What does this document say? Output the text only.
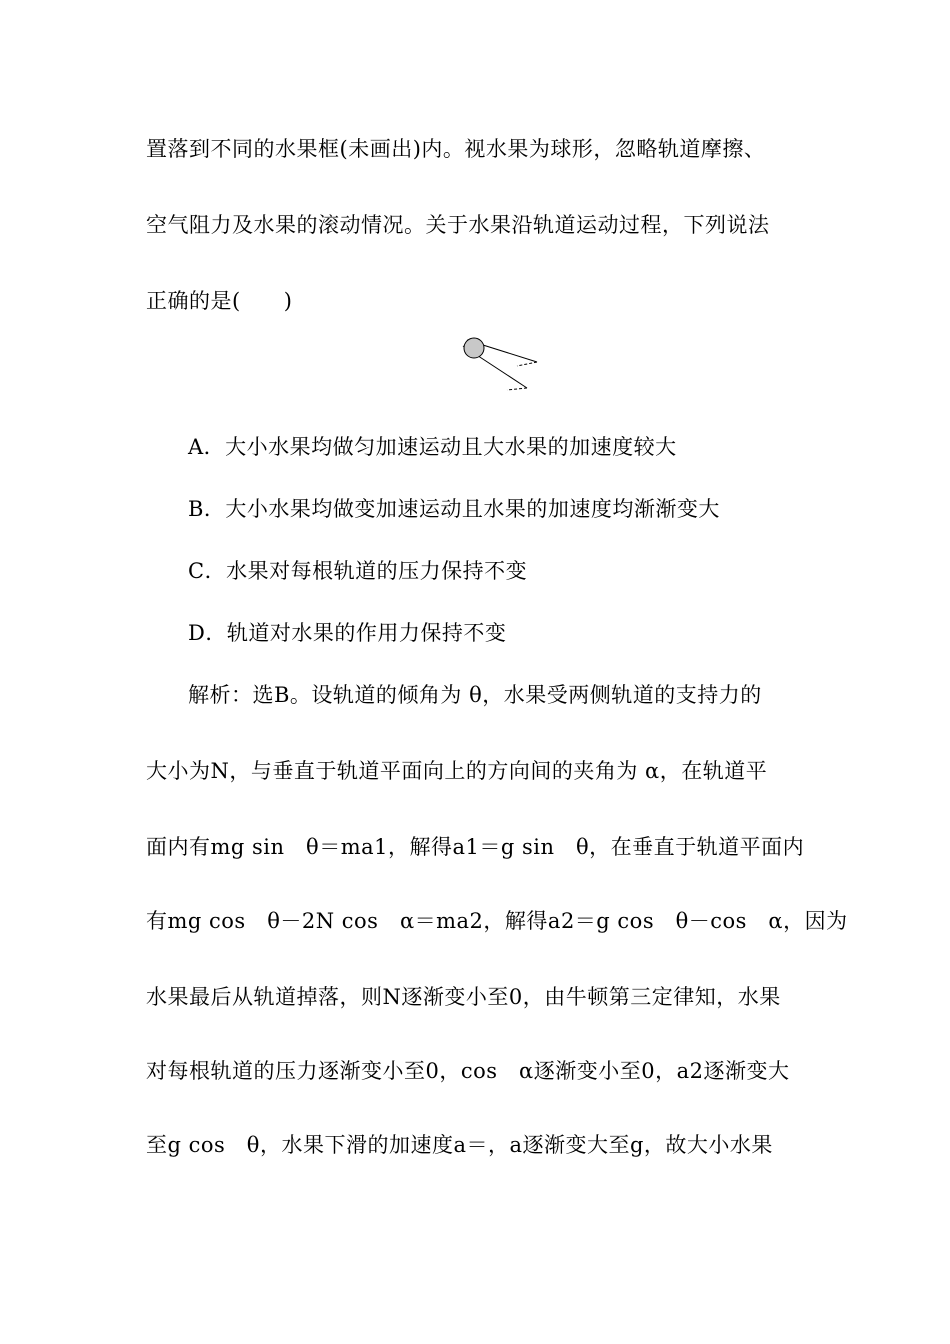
置落到不同的水果框(未画出)内。视水果为球形，忽略轨道摩擦、
空气阻力及水果的滚动情况。关于水果沿轨道运动过程，下列说法
正确的是(　　)
A．大小水果均做匀加速运动且大水果的加速度较大
B．大小水果均做变加速运动且水果的加速度均渐渐变大
C．水果对每根轨道的压力保持不变
D．轨道对水果的作用力保持不变
解析：选B。设轨道的倾角为 θ，水果受两侧轨道的支持力的
大小为N，与垂直于轨道平面向上的方向间的夹角为 α，在轨道平
面内有mg sin　θ＝ma1，解得a1＝g sin　θ，在垂直于轨道平面内
有mg cos　θ－2N cos　α＝ma2，解得a2＝g cos　θ－cos　α，因为
水果最后从轨道掉落，则N逐渐变小至0，由牛顿第三定律知，水果
对每根轨道的压力逐渐变小至0，cos　α逐渐变小至0，a2逐渐变大
至g cos　θ，水果下滑的加速度a＝，a逐渐变大至g，故大小水果
